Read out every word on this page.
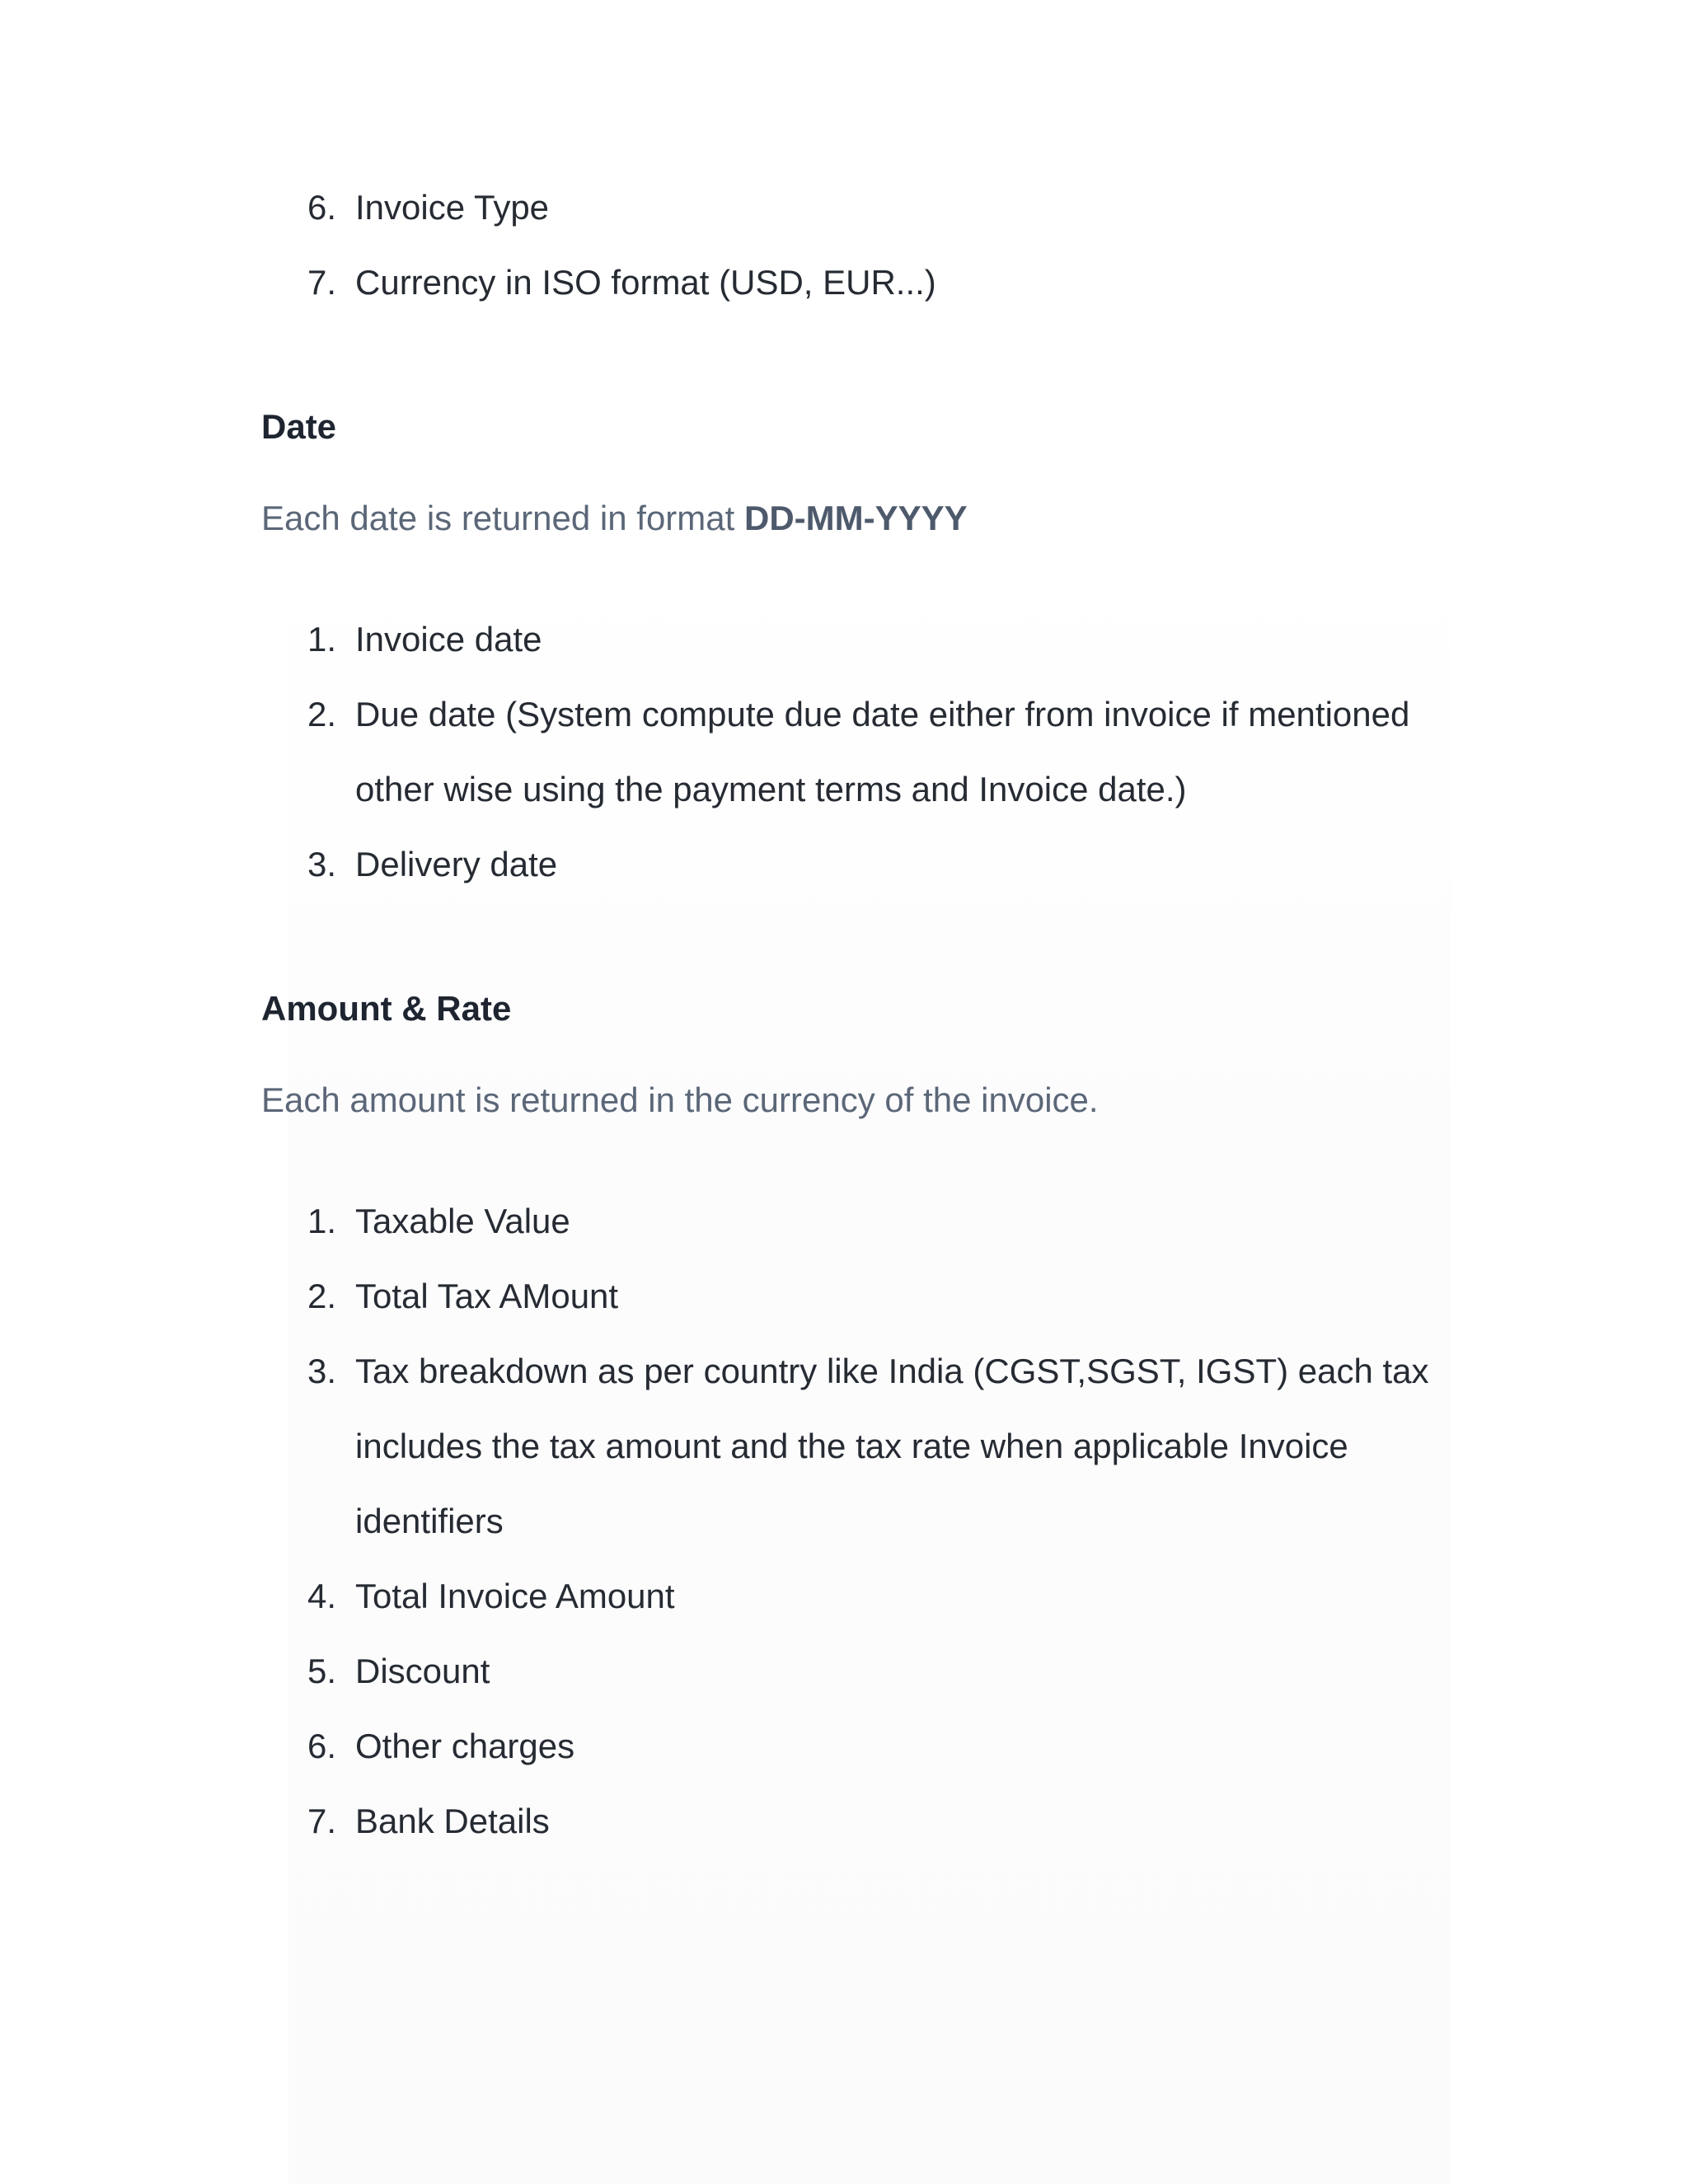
6. Invoice Type
7. Currency in ISO format (USD, EUR...)
Date

Each date is returned in format DD-MM-YYYY

1. Invoice date
2. Due date (System compute due date either from invoice if mentioned other wise using the payment terms and Invoice date.)
3. Delivery date
Amount & Rate

Each amount is returned in the currency of the invoice.

1. Taxable Value
2. Total Tax AMount
3. Tax breakdown as per country like India (CGST,SGST, IGST) each tax includes the tax amount and the tax rate when applicable Invoice identifiers
4. Total Invoice Amount
5. Discount
6. Other charges
7. Bank Details
